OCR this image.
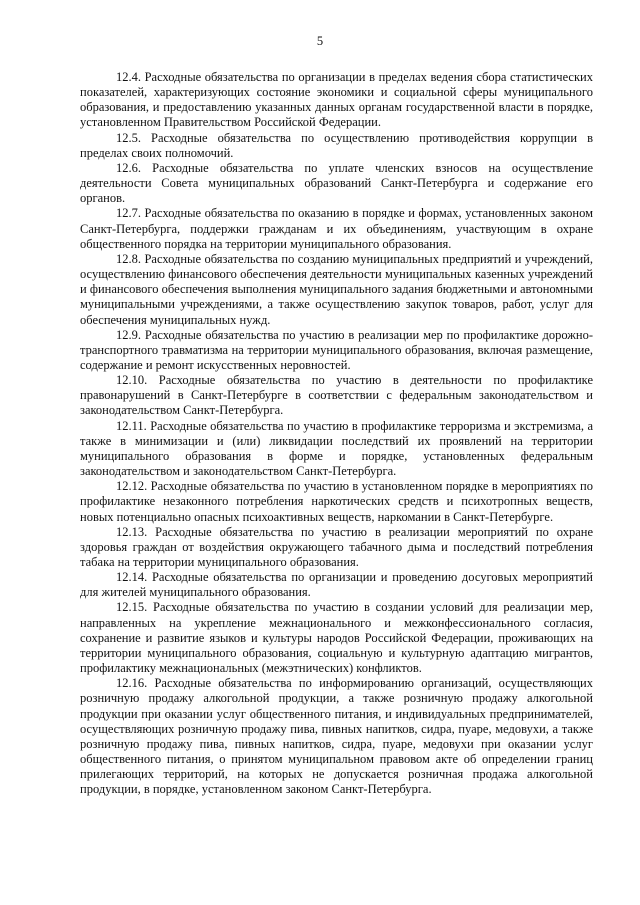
5

12.4. Расходные обязательства по организации в пределах ведения сбора статистических показателей, характеризующих состояние экономики и социальной сферы муниципального образования, и предоставлению указанных данных органам государственной власти в порядке, установленном Правительством Российской Федерации.

12.5. Расходные обязательства по осуществлению противодействия коррупции в пределах своих полномочий.

12.6. Расходные обязательства по уплате членских взносов на осуществление деятельности Совета муниципальных образований Санкт-Петербурга и содержание его органов.

12.7. Расходные обязательства по оказанию в порядке и формах, установленных законом Санкт-Петербурга, поддержки гражданам и их объединениям, участвующим в охране общественного порядка на территории муниципального образования.

12.8. Расходные обязательства по созданию муниципальных предприятий и учреждений, осуществлению финансового обеспечения деятельности муниципальных казенных учреждений и финансового обеспечения выполнения муниципального задания бюджетными и автономными муниципальными учреждениями, а также осуществлению закупок товаров, работ, услуг для обеспечения муниципальных нужд.

12.9. Расходные обязательства по участию в реализации мер по профилактике дорожно-транспортного травматизма на территории муниципального образования, включая размещение, содержание и ремонт искусственных неровностей.

12.10. Расходные обязательства по участию в деятельности по профилактике правонарушений в Санкт-Петербурге в соответствии с федеральным законодательством и законодательством Санкт-Петербурга.

12.11. Расходные обязательства по участию в профилактике терроризма и экстремизма, а также в минимизации и (или) ликвидации последствий их проявлений на территории муниципального образования в форме и порядке, установленных федеральным законодательством и законодательством Санкт-Петербурга.

12.12. Расходные обязательства по участию в установленном порядке в мероприятиях по профилактике незаконного потребления наркотических средств и психотропных веществ, новых потенциально опасных психоактивных веществ, наркомании в Санкт-Петербурге.

12.13. Расходные обязательства по участию в реализации мероприятий по охране здоровья граждан от воздействия окружающего табачного дыма и последствий потребления табака на территории муниципального образования.

12.14. Расходные обязательства по организации и проведению досуговых мероприятий для жителей муниципального образования.

12.15. Расходные обязательства по участию в создании условий для реализации мер, направленных на укрепление межнационального и межконфессионального согласия, сохранение и развитие языков и культуры народов Российской Федерации, проживающих на территории муниципального образования, социальную и культурную адаптацию мигрантов, профилактику межнациональных (межэтнических) конфликтов.

12.16. Расходные обязательства по информированию организаций, осуществляющих розничную продажу алкогольной продукции, а также розничную продажу алкогольной продукции при оказании услуг общественного питания, и индивидуальных предпринимателей, осуществляющих розничную продажу пива, пивных напитков, сидра, пуаре, медовухи, а также розничную продажу пива, пивных напитков, сидра, пуаре, медовухи при оказании услуг общественного питания, о принятом муниципальном правовом акте об определении границ прилегающих территорий, на которых не допускается розничная продажа алкогольной продукции, в порядке, установленном законом Санкт-Петербурга.
